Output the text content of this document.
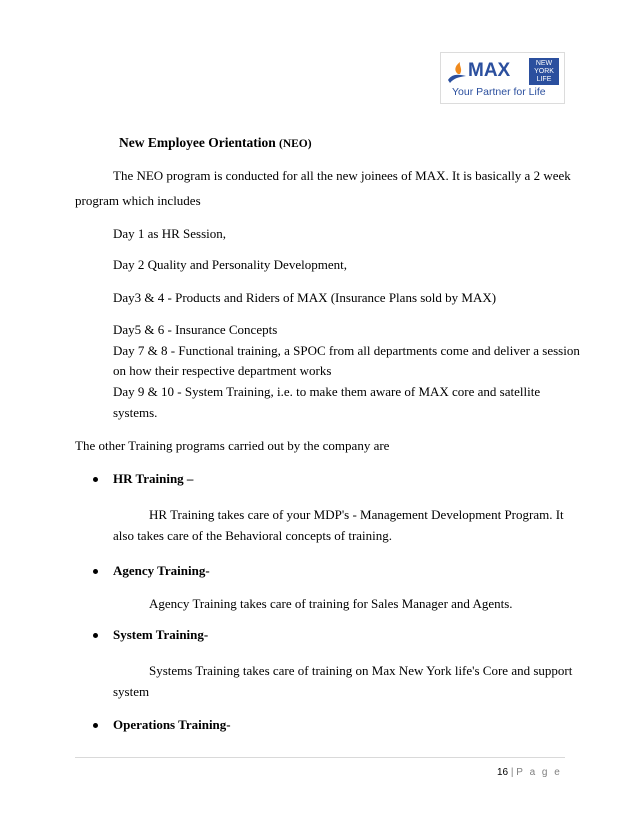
MAX	NEW
YORK
LIFE
Your Partner for Life
New Employee Orientation (NEO)
The NEO program is conducted for all the new joinees of MAX. It is basically a 2 week
program which includes
Day 1 as HR Session,
Day 2 Quality and Personality Development,
Day3 & 4 - Products and Riders of MAX (Insurance Plans sold by MAX)
Day5 & 6 - Insurance Concepts
Day 7 & 8 - Functional training, a SPOC from all departments come and deliver a session
on how their respective department works
Day 9 & 10 - System Training, i.e. to make them aware of MAX core and satellite
systems.
The other Training programs carried out by the company are
HR Training –
HR Training takes care of your MDP's - Management Development Program. It
also takes care of the Behavioral concepts of training.
Agency Training-
Agency Training takes care of training for Sales Manager and Agents.
System Training-
Systems Training takes care of training on Max New York life's Core and support
system
Operations Training-
16 | P a g e
